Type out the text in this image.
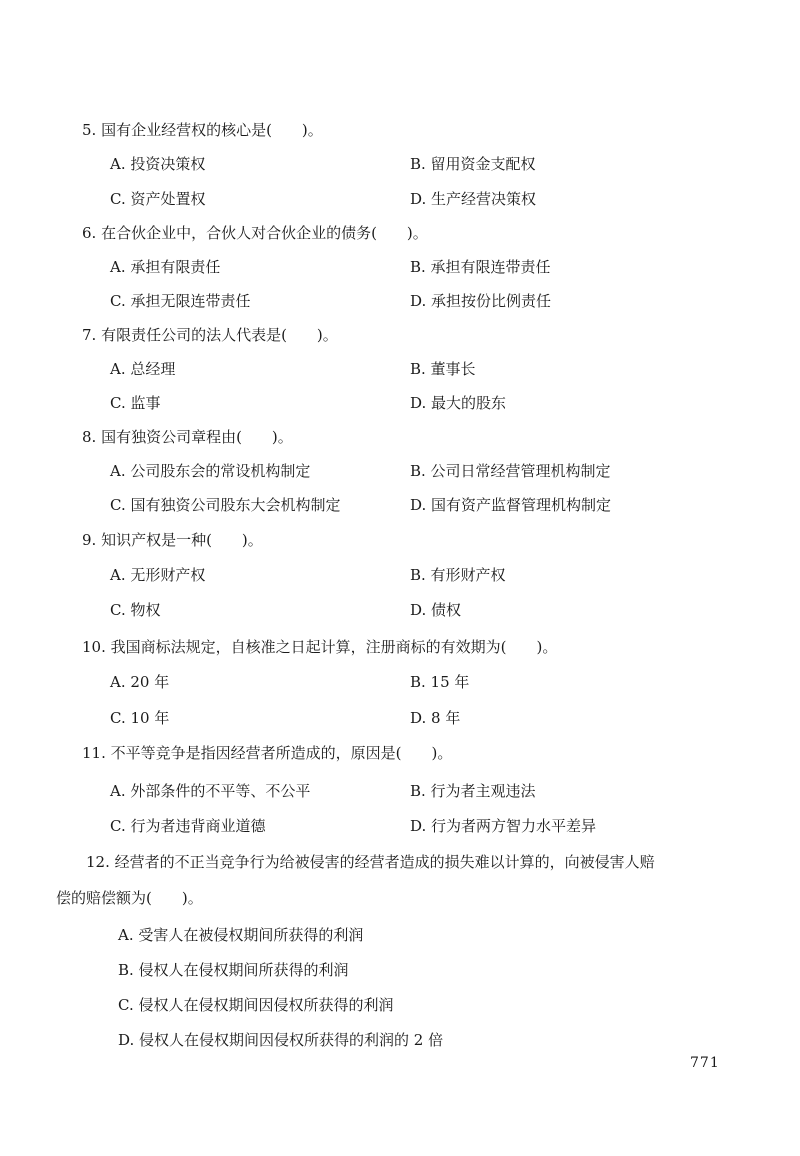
5. 国有企业经营权的核心是(　　)。
A. 投资决策权	B. 留用资金支配权
C. 资产处置权	D. 生产经营决策权
6. 在合伙企业中，合伙人对合伙企业的债务(　　)。
A. 承担有限责任	B. 承担有限连带责任
C. 承担无限连带责任	D. 承担按份比例责任
7. 有限责任公司的法人代表是(　　)。
A. 总经理	B. 董事长
C. 监事	D. 最大的股东
8. 国有独资公司章程由(　　)。
A. 公司股东会的常设机构制定	B. 公司日常经营管理机构制定
C. 国有独资公司股东大会机构制定	D. 国有资产监督管理机构制定
9. 知识产权是一种(　　)。
A. 无形财产权	B. 有形财产权
C. 物权	D. 债权
10. 我国商标法规定，自核准之日起计算，注册商标的有效期为(　　)。
A. 20 年	B. 15 年
C. 10 年	D. 8 年
11. 不平等竞争是指因经营者所造成的，原因是(　　)。
A. 外部条件的不平等、不公平	B. 行为者主观违法
C. 行为者违背商业道德	D. 行为者两方智力水平差异
12. 经营者的不正当竞争行为给被侵害的经营者造成的损失难以计算的，向被侵害人赔
偿的赔偿额为(　　)。
A. 受害人在被侵权期间所获得的利润
B. 侵权人在侵权期间所获得的利润
C. 侵权人在侵权期间因侵权所获得的利润
D. 侵权人在侵权期间因侵权所获得的利润的 2 倍
771
